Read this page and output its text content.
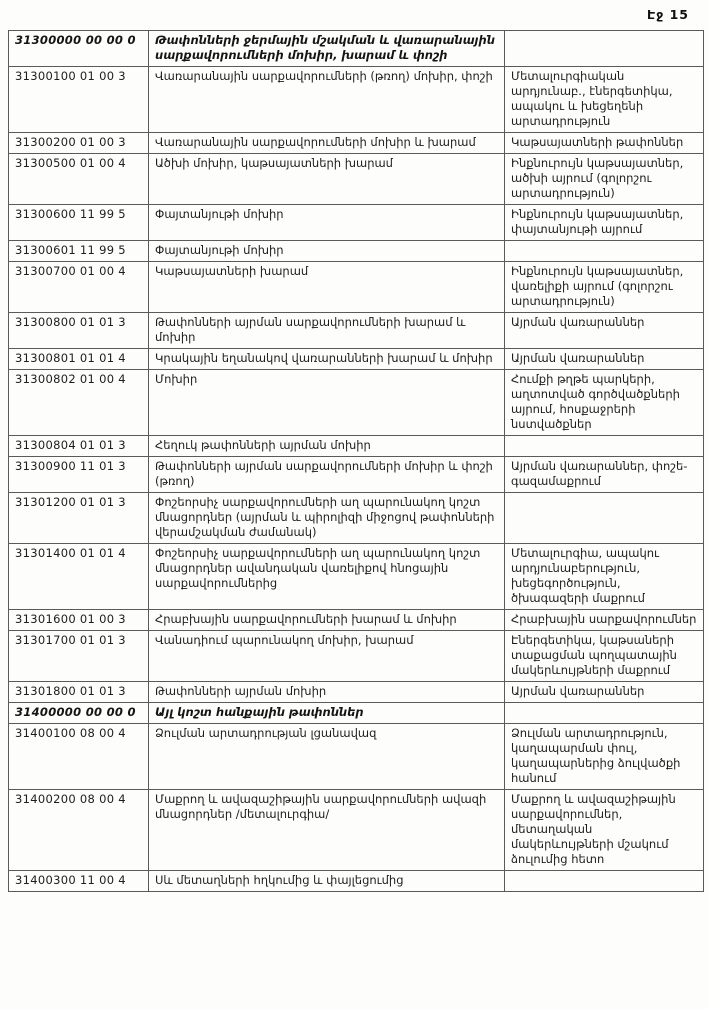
Էջ 15
31300000 00 00 0	Թափոնների ջերմային մշակման և վառարանային սարքավորումների մոխիր, խարամ և փոշի	
31300100 01 00 3	Վառարանային սարքավորումների (թռող) մոխիր, փոշի	Մետալուրգիական արդյունաբ., էներգետիկա, ապակու և խեցեղենի արտադրություն
31300200 01 00 3	Վառարանային սարքավորումների մոխիր և խարամ	Կաթսայատների թափոններ
31300500 01 00 4	Ածխի մոխիր, կաթսայատների խարամ	Ինքնուրույն կաթսայատներ, ածխի այրում (գոլորշու արտադրություն)
31300600 11 99 5	Փայտանյութի մոխիր	Ինքնուրույն կաթսայատներ, փայտանյութի այրում
31300601 11 99 5	Փայտանյութի մոխիր	
31300700 01 00 4	Կաթսայատների խարամ	Ինքնուրույն կաթսայատներ, վառելիքի այրում (գոլորշու արտադրություն)
31300800 01 01 3	Թափոնների այրման սարքավորումների խարամ և մոխիր	Այրման վառարաններ
31300801 01 01 4	Կրակային եղանակով վառարանների խարամ և մոխիր	Այրման վառարաններ
31300802 01 00 4	Մոխիր	Հումքի թղթե պարկերի, աղտոտված գործվածքների այրում, հոսքաջրերի նստվածքներ
31300804 01 01 3	Հեղուկ թափոնների այրման մոխիր	
31300900 11 01 3	Թափոնների այրման սարքավորումների մոխիր և փոշի (թռող)	Այրման վառարաններ, փոշե-գազամաքրում
31301200 01 01 3	Փոշեորսիչ սարքավորումների աղ պարունակող կոշտ մնացորդներ (այրման և պիրոլիզի միջոցով թափոնների վերամշակման ժամանակ)	
31301400 01 01 4	Փոշեորսիչ սարքավորումների աղ պարունակող կոշտ մնացորդներ ավանդական վառելիքով հնոցային սարքավորումներից	Մետալուրգիա, ապակու արդյունաբերություն, խեցեգործություն, ծխագազերի մաքրում
31301600 01 00 3	Հրաբխային սարքավորումների խարամ և մոխիր	Հրաբխային սարքավորումներ
31301700 01 01 3	Վանադիում պարունակող մոխիր, խարամ	Էներգետիկա, կաթսաների տաքացման պողպատային մակերևույթների մաքրում
31301800 01 01 3	Թափոնների այրման մոխիր	Այրման վառարաններ
31400000 00 00 0	Այլ կոշտ հանքային թափոններ	
31400100 08 00 4	Ձուլման արտադրության լցանավազ	Ձուլման արտադրություն, կաղապարման փուլ, կաղապարներից ձուլվածքի հանում
31400200 08 00 4	Մաքրող և ավազաշիթային սարքավորումների ավազի մնացորդներ /մետալուրգիա/	Մաքրող և ավազաշիթային սարքավորումներ, մետաղական մակերևույթների մշակում ձուլումից հետո
31400300 11 00 4	Սև մետաղների հղկումից և փայլեցումից	
